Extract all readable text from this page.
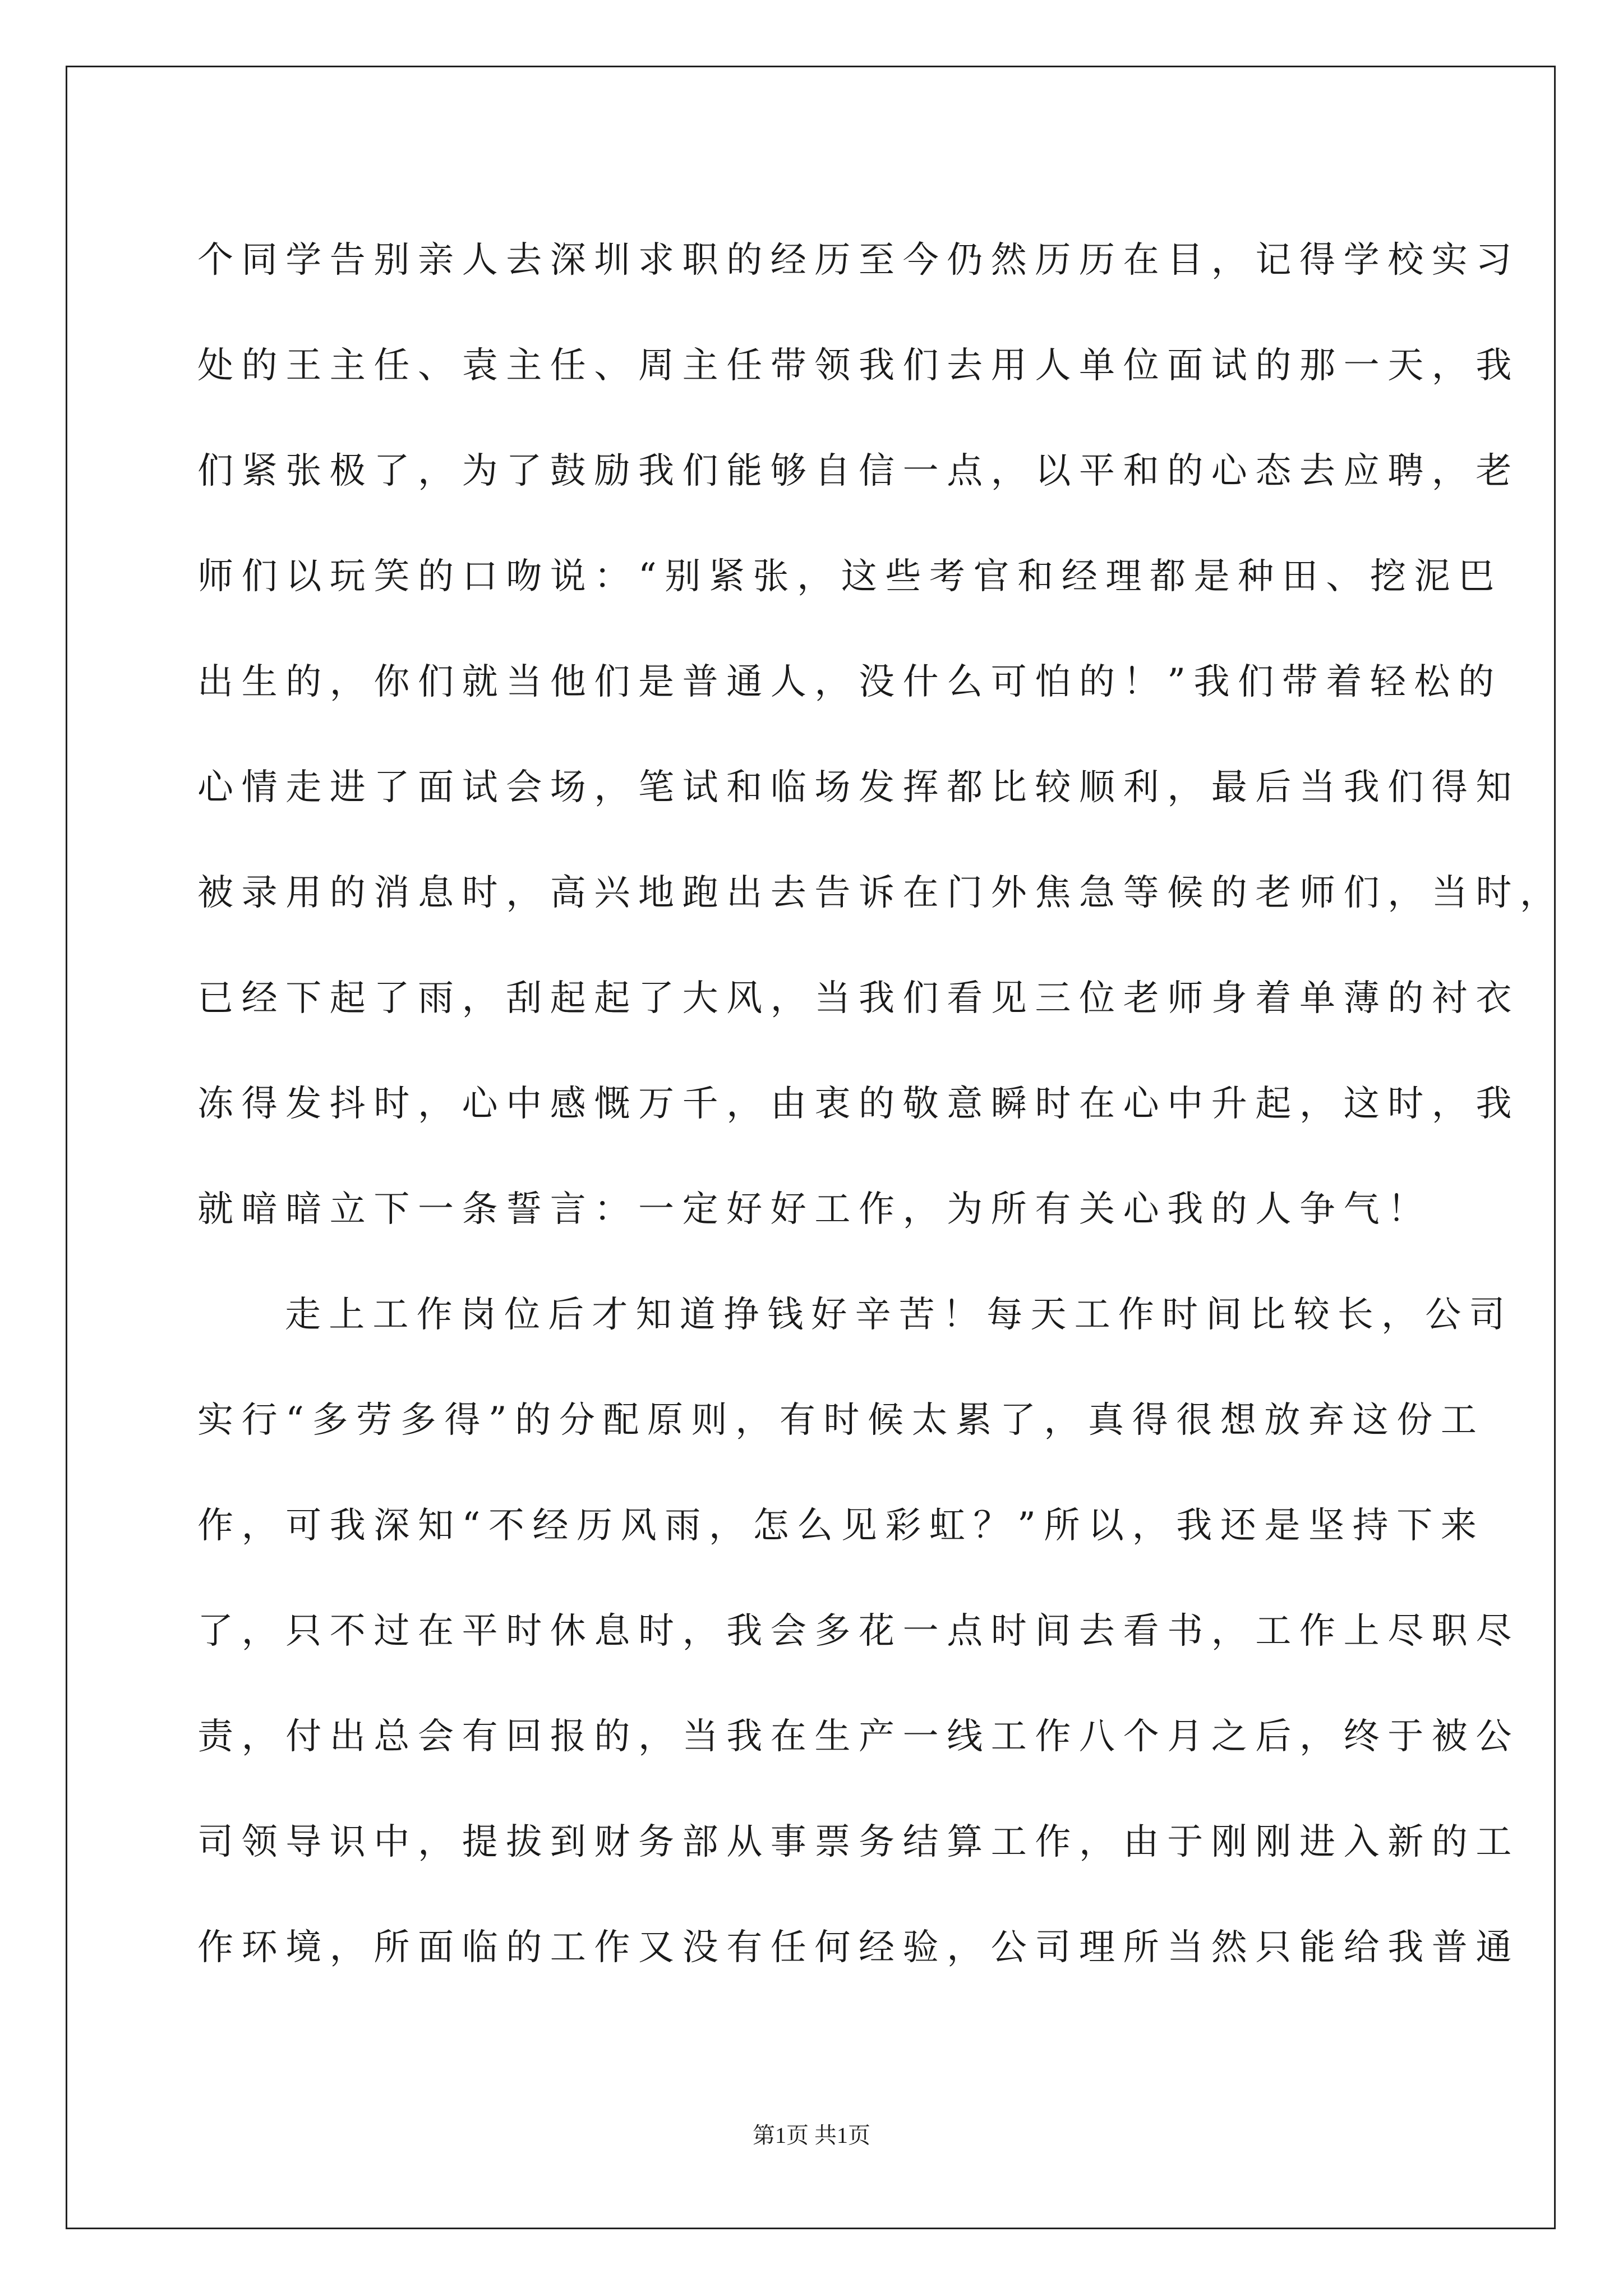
个同学告别亲人去深圳求职的经历至今仍然历历在目，记得学校实习
处的王主任、袁主任、周主任带领我们去用人单位面试的那一天，我
们紧张极了，为了鼓励我们能够自信一点，以平和的心态去应聘，老
师们以玩笑的口吻说：“别紧张，这些考官和经理都是种田、挖泥巴
出生的，你们就当他们是普通人，没什么可怕的！”我们带着轻松的
心情走进了面试会场，笔试和临场发挥都比较顺利，最后当我们得知
被录用的消息时，高兴地跑出去告诉在门外焦急等候的老师们，当时，
已经下起了雨，刮起起了大风，当我们看见三位老师身着单薄的衬衣
冻得发抖时，心中感慨万千，由衷的敬意瞬时在心中升起，这时，我
就暗暗立下一条誓言：一定好好工作，为所有关心我的人争气！
走上工作岗位后才知道挣钱好辛苦！每天工作时间比较长，公司
实行“多劳多得”的分配原则，有时候太累了，真得很想放弃这份工
作，可我深知“不经历风雨，怎么见彩虹？”所以，我还是坚持下来
了，只不过在平时休息时，我会多花一点时间去看书，工作上尽职尽
责，付出总会有回报的，当我在生产一线工作八个月之后，终于被公
司领导识中，提拔到财务部从事票务结算工作，由于刚刚进入新的工
作环境，所面临的工作又没有任何经验，公司理所当然只能给我普通
第1页 共1页
